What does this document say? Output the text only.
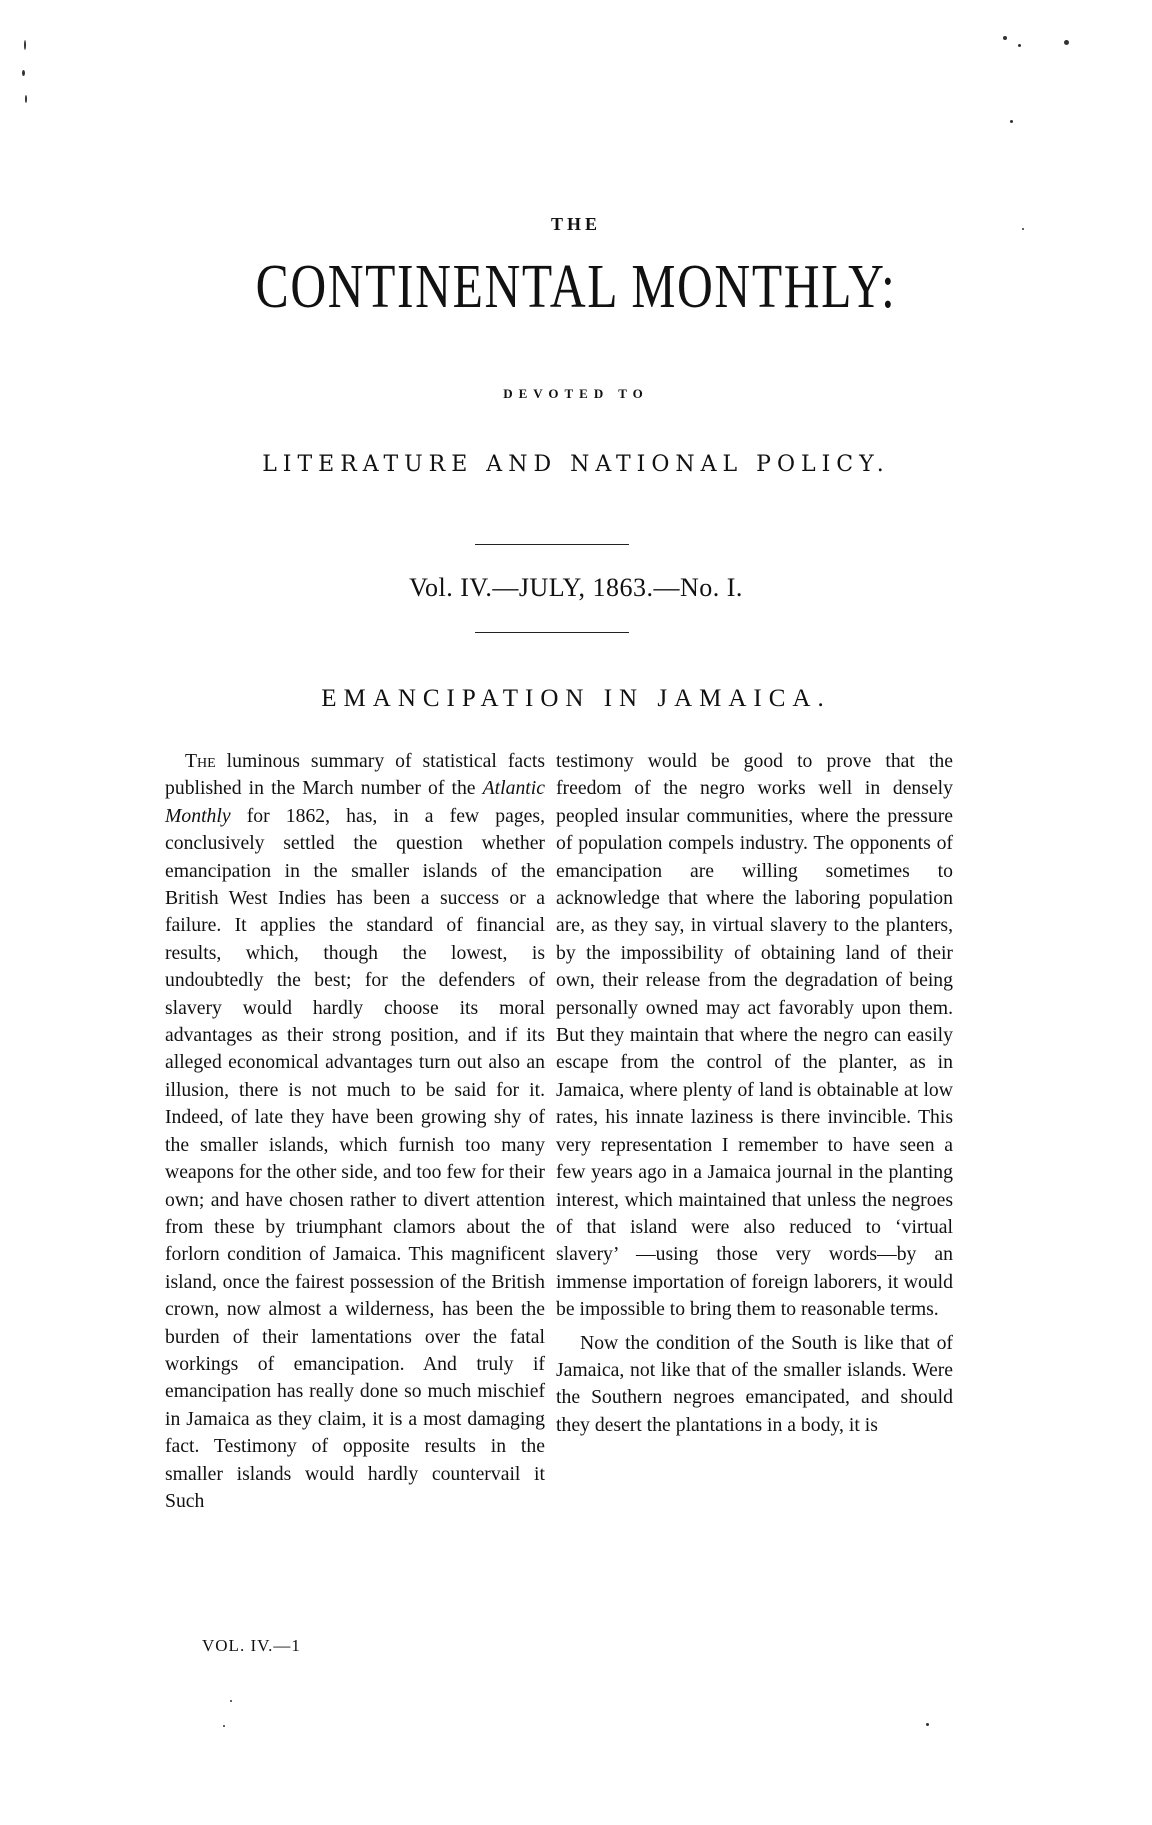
THE
CONTINENTAL MONTHLY:
DEVOTED TO
LITERATURE AND NATIONAL POLICY.
Vol. IV.—JULY, 1863.—No. I.
EMANCIPATION IN JAMAICA.

The luminous summary of statistical facts published in the March number of the Atlantic Monthly for 1862, has, in a few pages, conclusively settled the question whether emancipation in the smaller islands of the British West Indies has been a success or a failure. It applies the standard of financial results, which, though the lowest, is undoubtedly the best; for the defenders of slavery would hardly choose its moral advantages as their strong position, and if its alleged economical advantages turn out also an illusion, there is not much to be said for it. Indeed, of late they have been growing shy of the smaller islands, which furnish too many weapons for the other side, and too few for their own; and have chosen rather to divert attention from these by triumphant clamors about the forlorn condition of Jamaica. This magnificent island, once the fairest possession of the British crown, now almost a wilderness, has been the burden of their lamentations over the fatal workings of emancipation. And truly if emancipation has really done so much mischief in Jamaica as they claim, it is a most damaging fact. Testimony of opposite results in the smaller islands would hardly countervail it Such

testimony would be good to prove that the freedom of the negro works well in densely peopled insular communities, where the pressure of population compels industry. The opponents of emancipation are willing sometimes to acknowledge that where the laboring population are, as they say, in virtual slavery to the planters, by the impossibility of obtaining land of their own, their release from the degradation of being personally owned may act favorably upon them. But they maintain that where the negro can easily escape from the control of the planter, as in Jamaica, where plenty of land is obtainable at low rates, his innate laziness is there invincible. This very representation I remember to have seen a few years ago in a Jamaica journal in the planting interest, which maintained that unless the negroes of that island were also reduced to ‘virtual slavery’ —using those very words—by an immense importation of foreign laborers, it would be impossible to bring them to reasonable terms.

Now the condition of the South is like that of Jamaica, not like that of the smaller islands. Were the Southern negroes emancipated, and should they desert the plantations in a body, it is

VOL. IV.—1
